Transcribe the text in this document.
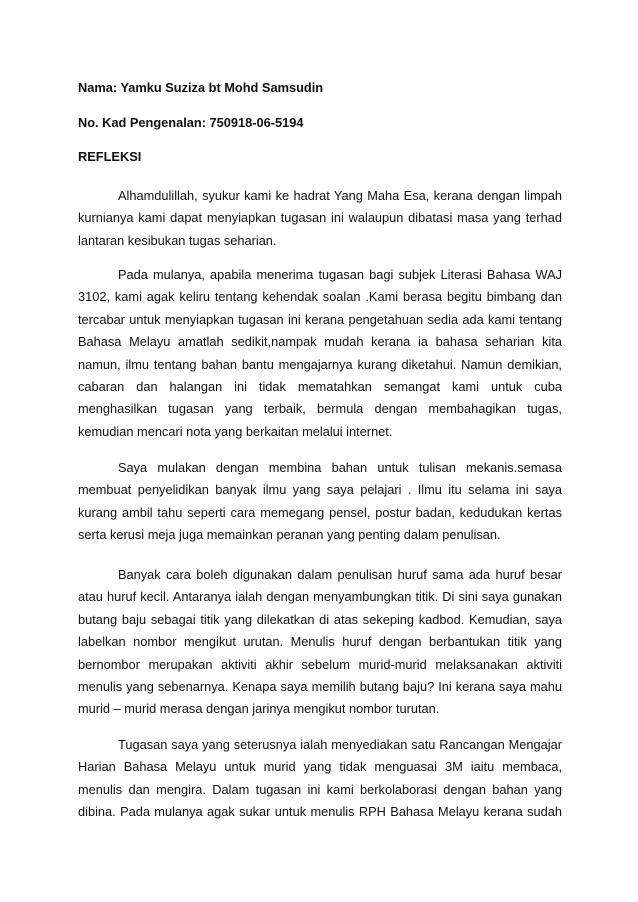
Nama: Yamku Suziza bt Mohd Samsudin
No. Kad Pengenalan: 750918-06-5194
REFLEKSI
Alhamdulillah, syukur kami ke hadrat Yang Maha Esa, kerana dengan limpah
kurnianya kami dapat menyiapkan tugasan ini walaupun dibatasi masa yang terhad
lantaran kesibukan tugas seharian.
Pada mulanya, apabila menerima tugasan bagi subjek Literasi Bahasa WAJ
3102, kami agak keliru tentang kehendak soalan .Kami berasa begitu bimbang dan
tercabar untuk menyiapkan tugasan ini kerana pengetahuan sedia ada kami tentang
Bahasa Melayu amatlah sedikit,nampak mudah kerana ia bahasa seharian kita
namun, ilmu tentang bahan bantu mengajarnya kurang diketahui. Namun demikian,
cabaran dan halangan ini tidak mematahkan semangat kami untuk cuba
menghasilkan tugasan yang terbaik, bermula dengan membahagikan tugas,
kemudian mencari nota yang berkaitan melalui internet.
Saya mulakan dengan membina bahan untuk tulisan mekanis.semasa
membuat penyelidikan banyak ilmu yang saya pelajari . Ilmu itu selama ini saya
kurang ambil tahu seperti cara memegang pensel, postur badan, kedudukan kertas
serta kerusi meja juga memainkan peranan yang penting dalam penulisan.
Banyak cara boleh digunakan dalam penulisan huruf sama ada huruf besar
atau huruf kecil. Antaranya ialah dengan menyambungkan titik. Di sini saya gunakan
butang baju sebagai titik yang dilekatkan di atas sekeping kadbod. Kemudian, saya
labelkan nombor mengikut urutan. Menulis huruf dengan berbantukan titik yang
bernombor merupakan aktiviti akhir sebelum murid-murid melaksanakan aktiviti
menulis yang sebenarnya. Kenapa saya memilih butang baju? Ini kerana saya mahu
murid – murid merasa dengan jarinya mengikut nombor turutan.
Tugasan saya yang seterusnya ialah menyediakan satu Rancangan Mengajar
Harian Bahasa Melayu untuk murid yang tidak menguasai 3M iaitu membaca,
menulis dan mengira. Dalam tugasan ini kami berkolaborasi dengan bahan yang
dibina. Pada mulanya agak sukar untuk menulis RPH Bahasa Melayu kerana sudah
